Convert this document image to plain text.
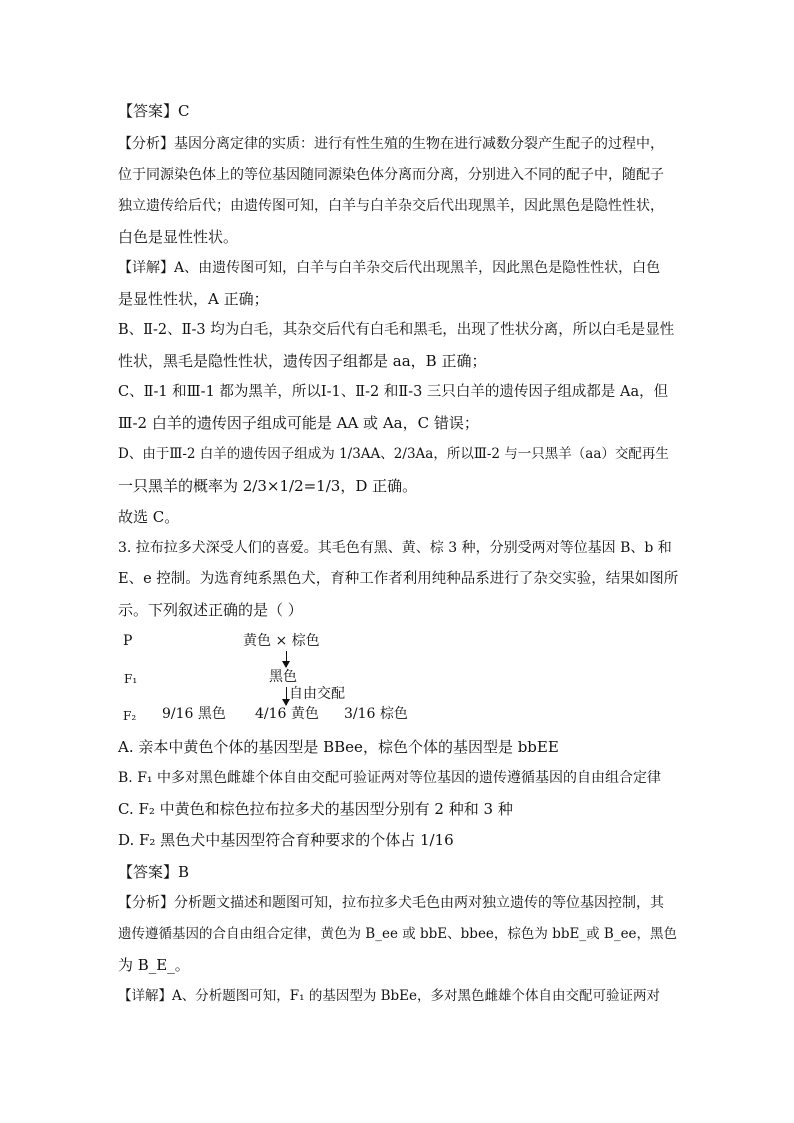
【答案】C
【分析】基因分离定律的实质：进行有性生殖的生物在进行减数分裂产生配子的过程中，
位于同源染色体上的等位基因随同源染色体分离而分离，分别进入不同的配子中，随配子
独立遗传给后代；由遗传图可知，白羊与白羊杂交后代出现黑羊，因此黑色是隐性性状，
白色是显性性状。
【详解】A、由遗传图可知，白羊与白羊杂交后代出现黑羊，因此黑色是隐性性状，白色
是显性性状，A 正确；
B、Ⅱ-2、Ⅱ-3 均为白毛，其杂交后代有白毛和黑毛，出现了性状分离，所以白毛是显性
性状，黑毛是隐性性状，遗传因子组都是 aa，B 正确；
C、Ⅱ-1 和Ⅲ-1 都为黑羊，所以Ⅰ-1、Ⅱ-2 和Ⅱ-3 三只白羊的遗传因子组成都是 Aa，但
Ⅲ-2 白羊的遗传因子组成可能是 AA 或 Aa，C 错误；
D、由于Ⅲ-2 白羊的遗传因子组成为 1/3AA、2/3Aa，所以Ⅲ-2 与一只黑羊（aa）交配再生
一只黑羊的概率为 2/3×1/2=1/3，D 正确。
故选 C。
3. 拉布拉多犬深受人们的喜爱。其毛色有黑、黄、棕 3 种，分别受两对等位基因 B、b 和
E、e 控制。为选育纯系黑色犬，育种工作者利用纯种品系进行了杂交实验，结果如图所
示。下列叙述正确的是（ ）
P	黄色 × 棕色
F₁	黑色
自由交配
F₂ 9/16 黑色 4/16 黄色 3/16 棕色
A. 亲本中黄色个体的基因型是 BBee，棕色个体的基因型是 bbEE
B. F₁ 中多对黑色雌雄个体自由交配可验证两对等位基因的遗传遵循基因的自由组合定律
C. F₂ 中黄色和棕色拉布拉多犬的基因型分别有 2 种和 3 种
D. F₂ 黑色犬中基因型符合育种要求的个体占 1/16
【答案】B
【分析】分析题文描述和题图可知，拉布拉多犬毛色由两对独立遗传的等位基因控制，其
遗传遵循基因的合自由组合定律，黄色为 B_ee 或 bbE、bbee，棕色为 bbE_或 B_ee，黑色
为 B_E_。
【详解】A、分析题图可知，F₁ 的基因型为 BbEe，多对黑色雌雄个体自由交配可验证两对
